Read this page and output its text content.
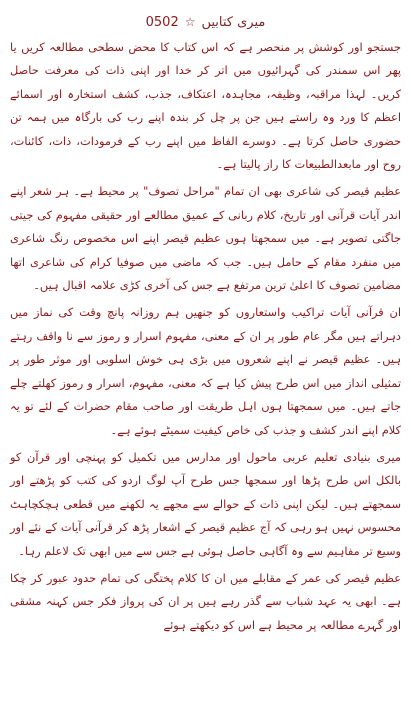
میری کتابیں
☆
0502

جستجو اور کوشش پر منحصر ہے کہ اس کتاب کا محض سطحی مطالعہ کریں یا پھر اس سمندر کی گہرائیوں میں اتر کر خدا اور اپنی ذات کی معرفت حاصل کریں۔ لہذا مراقبہ، وظیفہ، مجاہدہ، اعتکاف، جذب، کشف استخارہ اور اسمائے اعظم کا ورد وہ راستے ہیں جن پر چل کر بندہ اپنے رب کی بارگاہ میں ہمہ تن حضوری حاصل کرتا ہے۔ دوسرے الفاظ میں اپنے رب کے فرمودات، ذات، کائنات، روح اور مابعدالطبیعات کا راز پالیتا ہے۔

عظیم قیصر کی شاعری بھی ان تمام "مراحل تصوف" پر محیط ہے۔ ہر شعر اپنے اندر آیات قرآنی اور تاریخ، کلام ربانی کے عمیق مطالعے اور حقیقی مفہوم کی جیتی جاگتی تصویر ہے۔ میں سمجھتا ہوں عظیم قیصر اپنے اس مخصوص رنگ شاعری میں منفرد مقام کے حامل ہیں۔ جب کہ ماضی میں صوفیا کرام کی شاعری اتھا مضامین تصوف کا اعلیٰ ترین مرتفع ہے جس کی آخری کڑی علامہ اقبال ہیں۔

ان قرآنی آیات تراکیب واستعاروں کو جنھیں ہم روزانہ پانچ وقت کی نماز میں دہراتے ہیں مگر عام طور پر ان کے معنی، مفہوم اسرار و رموز سے نا واقف رہتے ہیں۔ عظیم قیصر نے اپنے شعروں میں بڑی ہی خوش اسلوبی اور موثر طور پر تمثیلی انداز میں اس طرح پیش کیا ہے کہ معنی، مفہوم، اسرار و رموز کھلتے چلے جاتے ہیں۔ میں سمجھتا ہوں اہل طریقت اور صاحب مقام حضرات کے لئے تو یہ کلام اپنے اندر کشف و جذب کی خاص کیفیت سمیٹے ہوئے ہے۔

میری بنیادی تعلیم عربی ماحول اور مدارس میں تکمیل کو پہنچی اور قرآن کو بالکل اس طرح پڑھا اور سمجھا جس طرح آپ لوگ اردو کی کتب کو پڑھتے اور سمجھتے ہیں۔ لیکن اپنی ذات کے حوالے سے مجھے یہ لکھنے میں قطعی ہچکچاہٹ محسوس نہیں ہو رہی کہ آج عظیم قیصر کے اشعار پڑھ کر قرآنی آیات کے نئے اور وسیع تر مفاہیم سے وہ آگاہی حاصل ہوئی ہے جس سے میں ابھی تک لاعلم رہا۔

عظیم قیصر کی عمر کے مقابلے میں ان کا کلام پختگی کی تمام حدود عبور کر چکا ہے۔ ابھی یہ عہد شباب سے گذر رہے ہیں پر ان کی پرواز فکر جس کہنہ مشقی اور گہرے مطالعہ پر محیط ہے اس کو دیکھتے ہوئے
